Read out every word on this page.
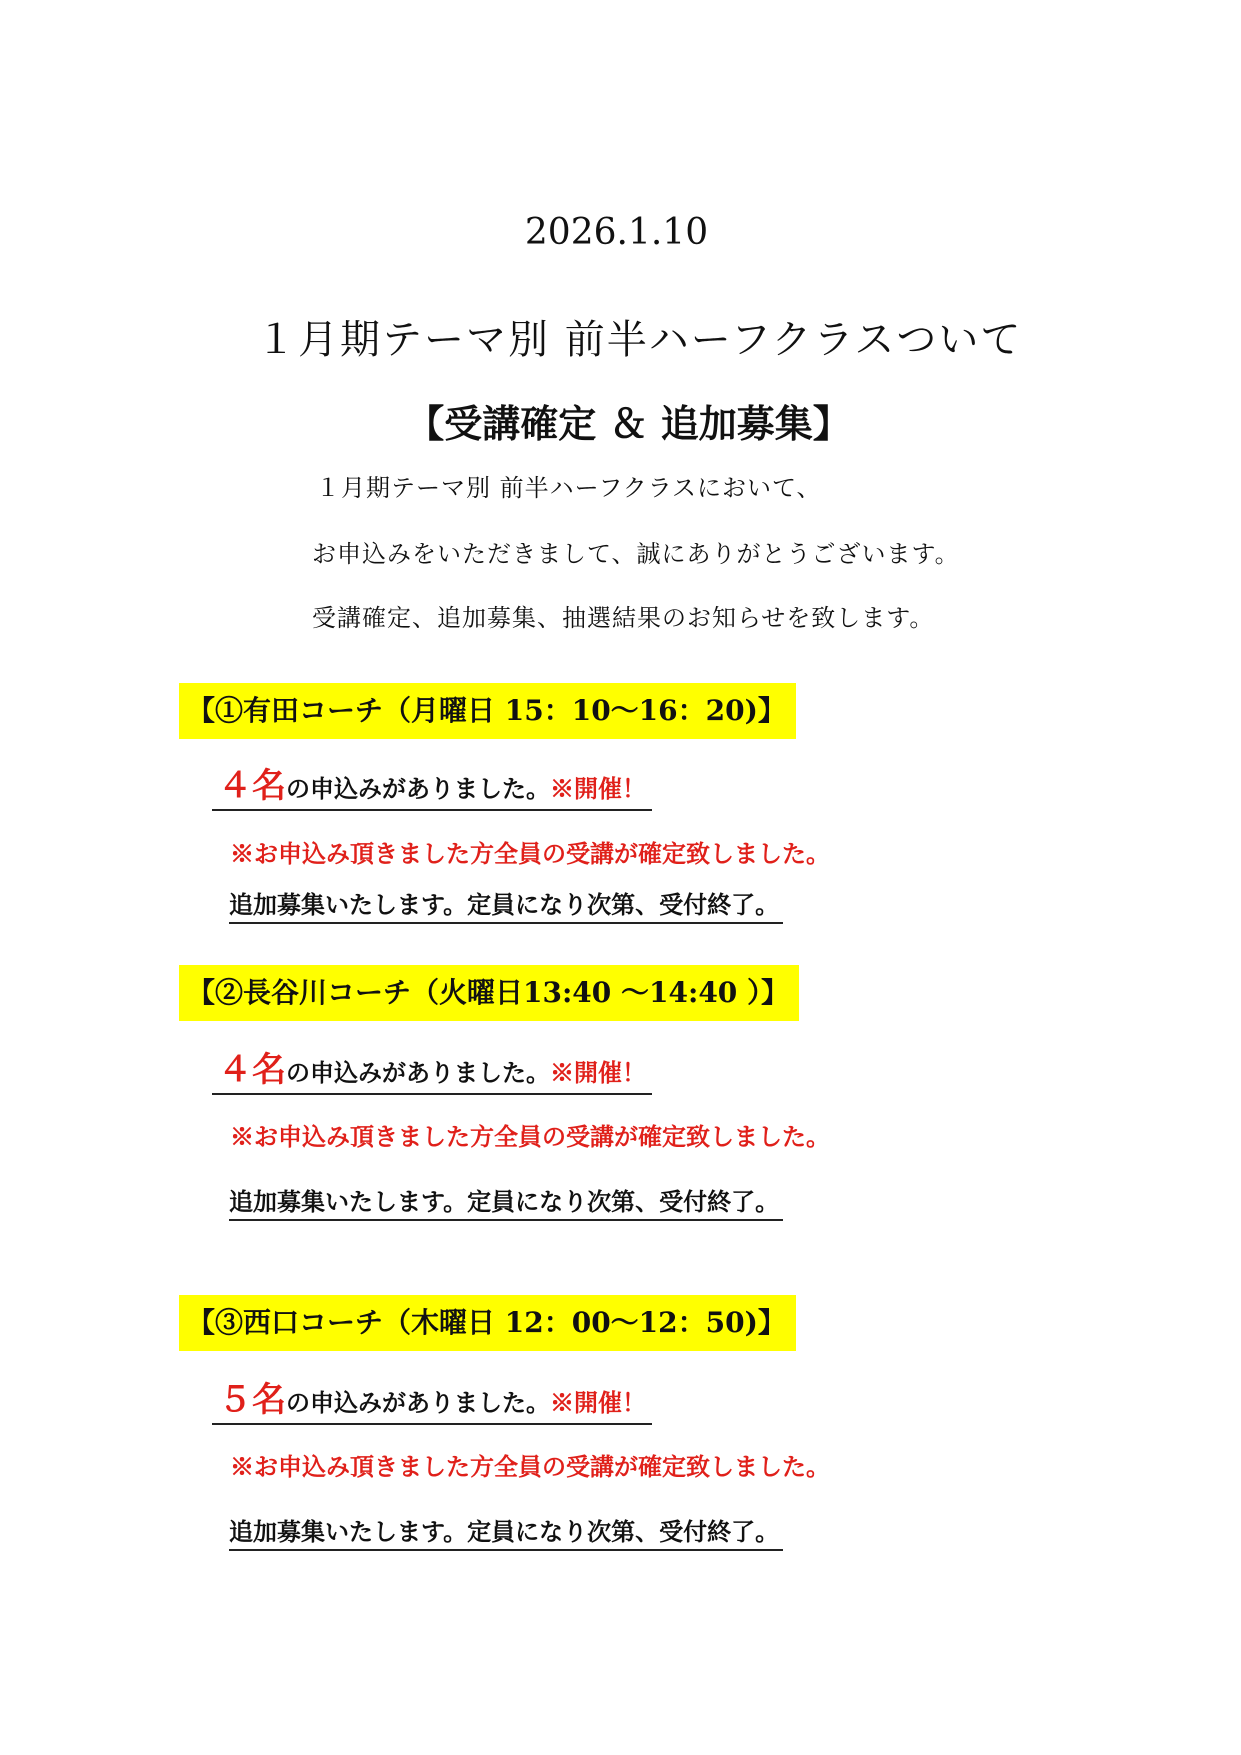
2026.1.10
１月期テーマ別 前半ハーフクラスついて
【受講確定 ＆ 追加募集】
１月期テーマ別 前半ハーフクラスにおいて、
お申込みをいただきまして、誠にありがとうございます。
受講確定、追加募集、抽選結果のお知らせを致します。
【①有田コーチ（月曜日 15：10～16：20)】
４名の申込みがありました。※開催！
※お申込み頂きました方全員の受講が確定致しました。
追加募集いたします。定員になり次第、受付終了。
【②長谷川コーチ（火曜日13:40 ～14:40 ）】
４名の申込みがありました。※開催！
※お申込み頂きました方全員の受講が確定致しました。
追加募集いたします。定員になり次第、受付終了。
【③西口コーチ（木曜日 12：00～12：50)】
５名の申込みがありました。※開催！
※お申込み頂きました方全員の受講が確定致しました。
追加募集いたします。定員になり次第、受付終了。
